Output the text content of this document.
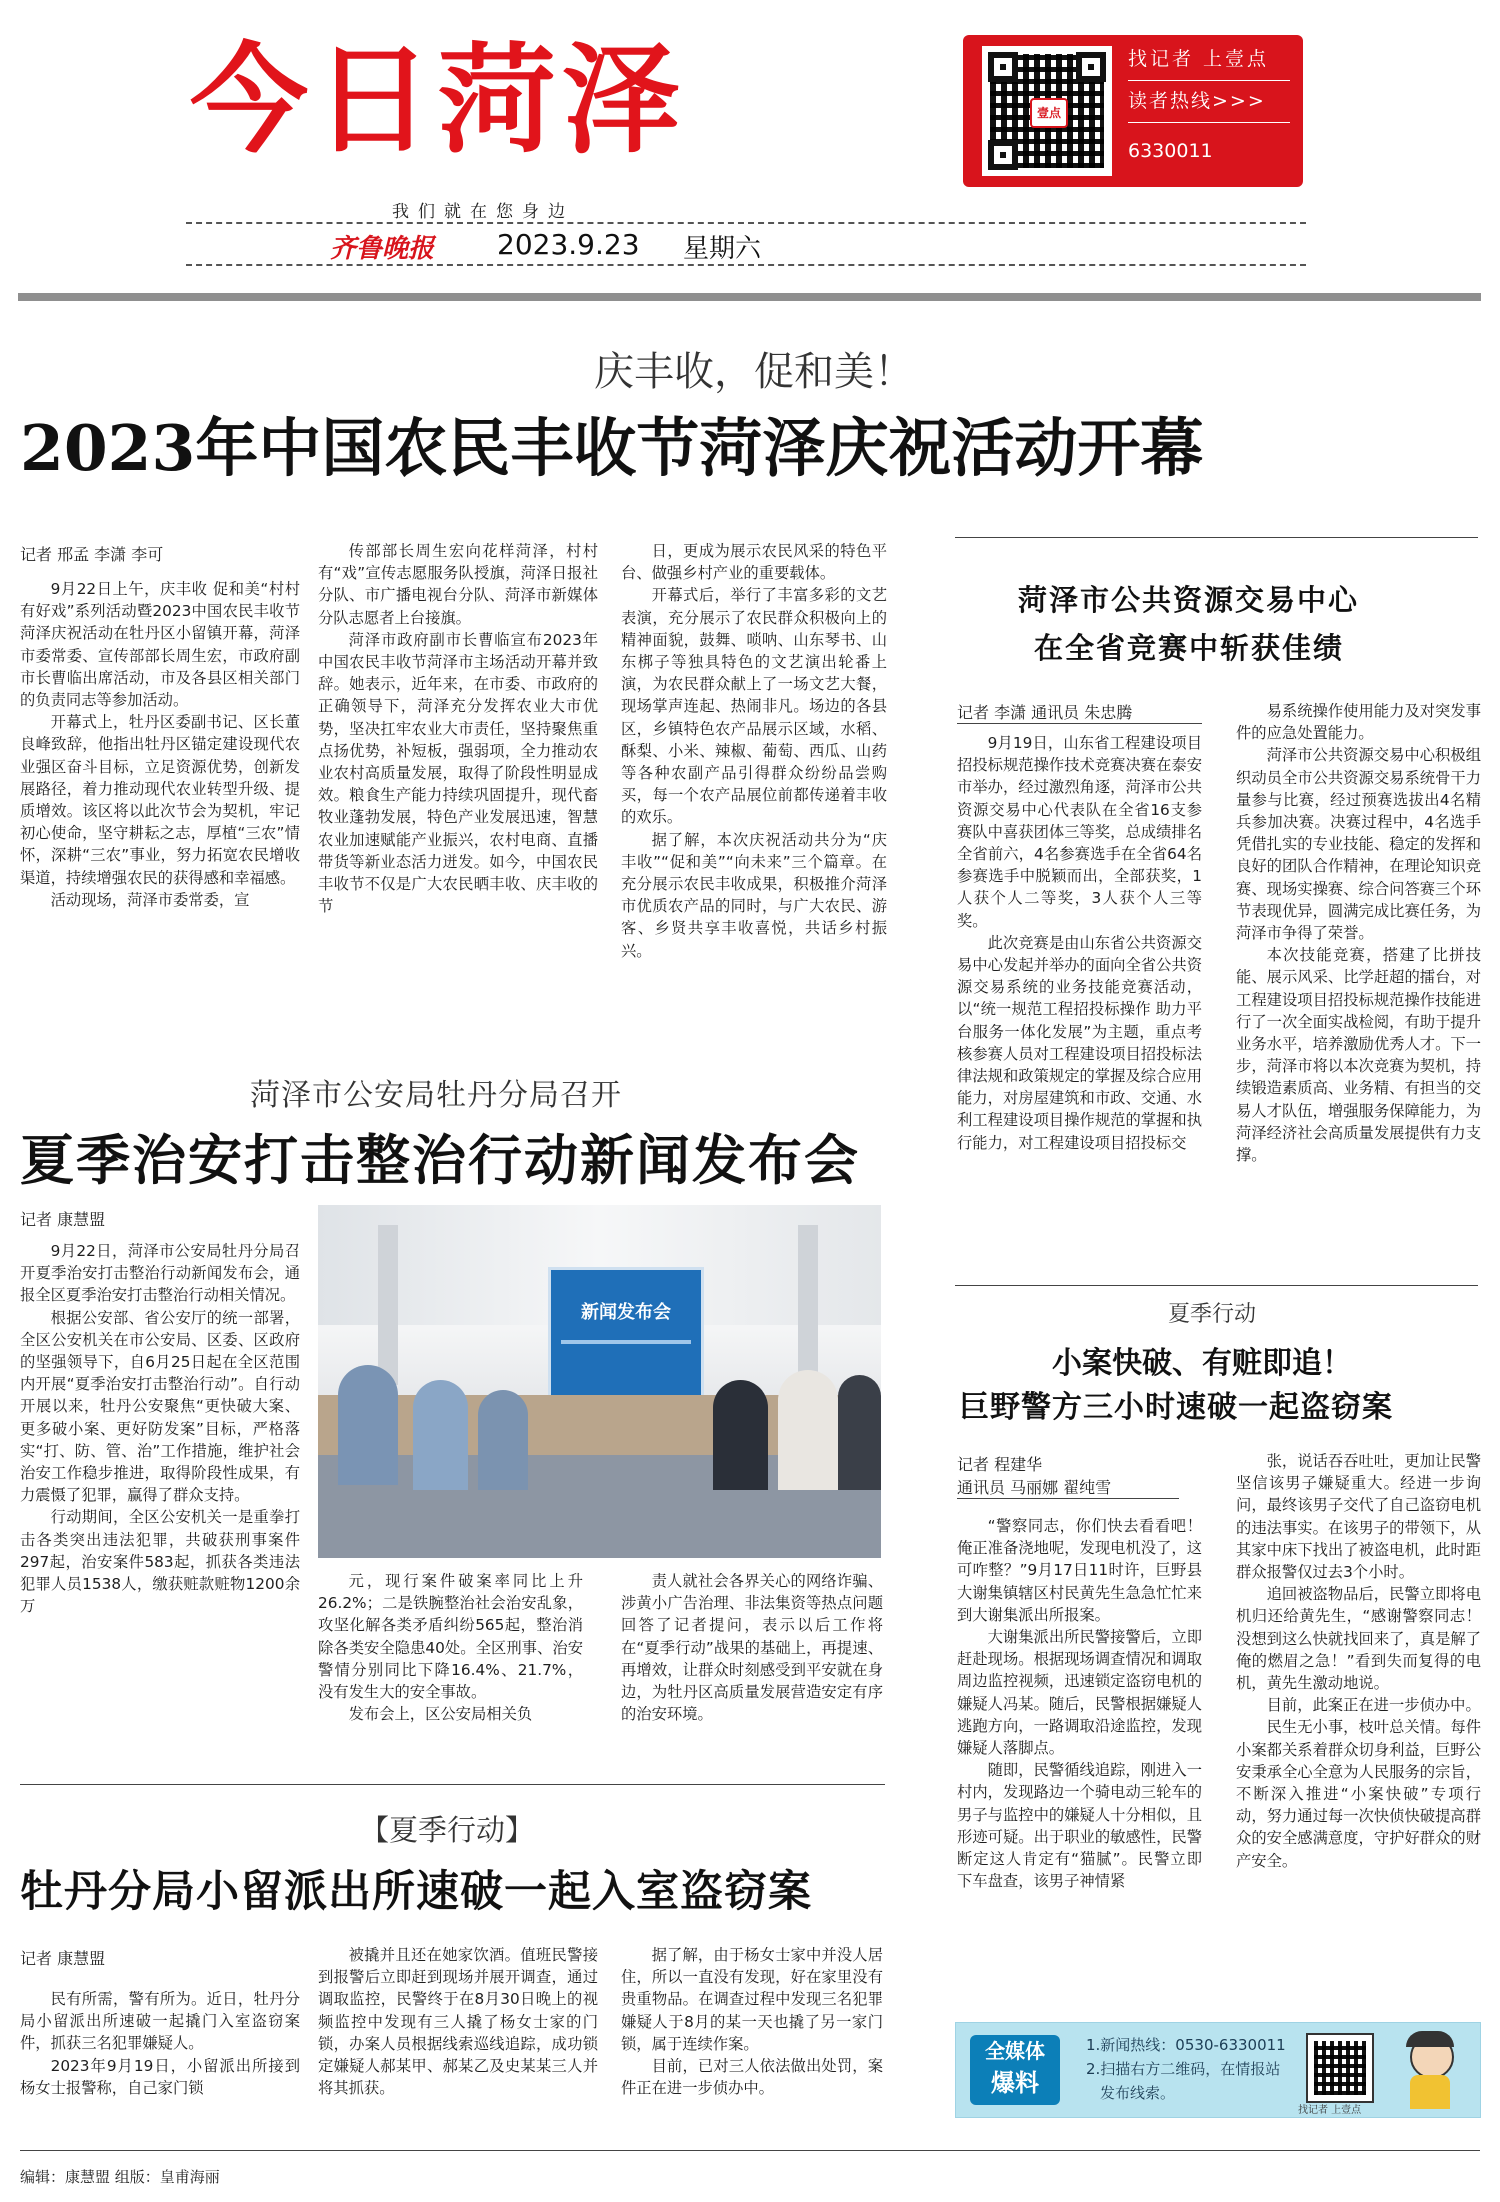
今日菏泽	壹点
找记者 上壹点
读者热线>>>
6330011
我们就在您身边
齐鲁晚报 2023.9.23 星期六
庆丰收，促和美！
2023年中国农民丰收节菏泽庆祝活动开幕
记者 邢孟 李潇 李可

9月22日上午，庆丰收 促和美“村村有好戏”系列活动暨2023中国农民丰收节菏泽庆祝活动在牡丹区小留镇开幕，菏泽市委常委、宣传部部长周生宏，市政府副市长曹临出席活动，市及各县区相关部门的负责同志等参加活动。

开幕式上，牡丹区委副书记、区长董良峰致辞，他指出牡丹区锚定建设现代农业强区奋斗目标，立足资源优势，创新发展路径，着力推动现代农业转型升级、提质增效。该区将以此次节会为契机，牢记初心使命，坚守耕耘之志，厚植“三农”情怀，深耕“三农”事业，努力拓宽农民增收渠道，持续增强农民的获得感和幸福感。

活动现场，菏泽市委常委，宣

传部部长周生宏向花样菏泽，村村有“戏”宣传志愿服务队授旗，菏泽日报社分队、市广播电视台分队、菏泽市新媒体分队志愿者上台接旗。

菏泽市政府副市长曹临宣布2023年中国农民丰收节菏泽市主场活动开幕并致辞。她表示，近年来，在市委、市政府的正确领导下，菏泽充分发挥农业大市优势，坚决扛牢农业大市责任，坚持聚焦重点扬优势，补短板，强弱项，全力推动农业农村高质量发展，取得了阶段性明显成效。粮食生产能力持续巩固提升，现代畜牧业蓬勃发展，特色产业发展迅速，智慧农业加速赋能产业振兴，农村电商、直播带货等新业态活力迸发。如今，中国农民丰收节不仅是广大农民晒丰收、庆丰收的节

日，更成为展示农民风采的特色平台、做强乡村产业的重要载体。

开幕式后，举行了丰富多彩的文艺表演，充分展示了农民群众积极向上的精神面貌，鼓舞、唢呐、山东琴书、山东梆子等独具特色的文艺演出轮番上演，为农民群众献上了一场文艺大餐，现场掌声连起、热闹非凡。场边的各县区，乡镇特色农产品展示区域，水稻、酥梨、小米、辣椒、葡萄、西瓜、山药等各种农副产品引得群众纷纷品尝购买，每一个农产品展位前都传递着丰收的欢乐。

据了解，本次庆祝活动共分为“庆丰收”“促和美”“向未来”三个篇章。在充分展示农民丰收成果，积极推介菏泽市优质农产品的同时，与广大农民、游客、乡贤共享丰收喜悦，共话乡村振兴。

菏泽市公共资源交易中心
在全省竞赛中斩获佳绩
记者 李潇 通讯员 朱忠腾

9月19日，山东省工程建设项目招投标规范操作技术竞赛决赛在泰安市举办，经过激烈角逐，菏泽市公共资源交易中心代表队在全省16支参赛队中喜获团体三等奖，总成绩排名全省前六，4名参赛选手在全省64名参赛选手中脱颖而出，全部获奖，1人获个人二等奖，3人获个人三等奖。

此次竞赛是由山东省公共资源交易中心发起并举办的面向全省公共资源交易系统的业务技能竞赛活动，以“统一规范工程招投标操作 助力平台服务一体化发展”为主题，重点考核参赛人员对工程建设项目招投标法律法规和政策规定的掌握及综合应用能力，对房屋建筑和市政、交通、水利工程建设项目操作规范的掌握和执行能力，对工程建设项目招投标交

易系统操作使用能力及对突发事件的应急处置能力。

菏泽市公共资源交易中心积极组织动员全市公共资源交易系统骨干力量参与比赛，经过预赛选拔出4名精兵参加决赛。决赛过程中，4名选手凭借扎实的专业技能、稳定的发挥和良好的团队合作精神，在理论知识竞赛、现场实操赛、综合问答赛三个环节表现优异，圆满完成比赛任务，为菏泽市争得了荣誉。

本次技能竞赛，搭建了比拼技能、展示风采、比学赶超的擂台，对工程建设项目招投标规范操作技能进行了一次全面实战检阅，有助于提升业务水平，培养激励优秀人才。下一步，菏泽市将以本次竞赛为契机，持续锻造素质高、业务精、有担当的交易人才队伍，增强服务保障能力，为菏泽经济社会高质量发展提供有力支撑。

菏泽市公安局牡丹分局召开
夏季治安打击整治行动新闻发布会
记者 康慧盟

9月22日，菏泽市公安局牡丹分局召开夏季治安打击整治行动新闻发布会，通报全区夏季治安打击整治行动相关情况。

根据公安部、省公安厅的统一部署，全区公安机关在市公安局、区委、区政府的坚强领导下，自6月25日起在全区范围内开展“夏季治安打击整治行动”。自行动开展以来，牡丹公安聚焦“更快破大案、更多破小案、更好防发案”目标，严格落实“打、防、管、治”工作措施，维护社会治安工作稳步推进，取得阶段性成果，有力震慑了犯罪，赢得了群众支持。

行动期间，全区公安机关一是重拳打击各类突出违法犯罪，共破获刑事案件297起，治安案件583起，抓获各类违法犯罪人员1538人，缴获赃款赃物1200余万

新闻发布会

元，现行案件破案率同比上升26.2%；二是铁腕整治社会治安乱象，攻坚化解各类矛盾纠纷565起，整治消除各类安全隐患40处。全区刑事、治安警情分别同比下降16.4%、21.7%，没有发生大的安全事故。

发布会上，区公安局相关负

责人就社会各界关心的网络诈骗、涉黄小广告治理、非法集资等热点问题回答了记者提问，表示以后工作将在“夏季行动”战果的基础上，再提速、再增效，让群众时刻感受到平安就在身边，为牡丹区高质量发展营造安定有序的治安环境。

夏季行动
小案快破、有赃即追！
巨野警方三小时速破一起盗窃案
记者 程建华
通讯员 马丽娜 翟纯雪

“警察同志，你们快去看看吧！俺正准备浇地呢，发现电机没了，这可咋整？”9月17日11时许，巨野县大谢集镇辖区村民黄先生急急忙忙来到大谢集派出所报案。

大谢集派出所民警接警后，立即赶赴现场。根据现场调查情况和调取周边监控视频，迅速锁定盗窃电机的嫌疑人冯某。随后，民警根据嫌疑人逃跑方向，一路调取沿途监控，发现嫌疑人落脚点。

随即，民警循线追踪，刚进入一村内，发现路边一个骑电动三轮车的男子与监控中的嫌疑人十分相似，且形迹可疑。出于职业的敏感性，民警断定这人肯定有“猫腻”。民警立即下车盘查，该男子神情紧

张，说话吞吞吐吐，更加让民警坚信该男子嫌疑重大。经进一步询问，最终该男子交代了自己盗窃电机的违法事实。在该男子的带领下，从其家中床下找出了被盗电机，此时距群众报警仅过去3个小时。

追回被盗物品后，民警立即将电机归还给黄先生，“感谢警察同志！没想到这么快就找回来了，真是解了俺的燃眉之急！”看到失而复得的电机，黄先生激动地说。

目前，此案正在进一步侦办中。

民生无小事，枝叶总关情。每件小案都关系着群众切身利益，巨野公安秉承全心全意为人民服务的宗旨，不断深入推进“小案快破”专项行动，努力通过每一次快侦快破提高群众的安全感满意度，守护好群众的财产安全。

【夏季行动】
牡丹分局小留派出所速破一起入室盗窃案
记者 康慧盟

民有所需，警有所为。近日，牡丹分局小留派出所速破一起撬门入室盗窃案件，抓获三名犯罪嫌疑人。

2023年9月19日，小留派出所接到杨女士报警称，自己家门锁

被撬并且还在她家饮酒。值班民警接到报警后立即赶到现场并展开调查，通过调取监控，民警终于在8月30日晚上的视频监控中发现有三人撬了杨女士家的门锁，办案人员根据线索巡线追踪，成功锁定嫌疑人郝某甲、郝某乙及史某某三人并将其抓获。

据了解，由于杨女士家中并没人居住，所以一直没有发现，好在家里没有贵重物品。在调查过程中发现三名犯罪嫌疑人于8月的某一天也撬了另一家门锁，属于连续作案。

目前，已对三人依法做出处罚，案件正在进一步侦办中。

全媒体
爆料
1.新闻热线：0530-6330011
2.扫描右方二维码，在情报站
发布线索。
找记者 上壹点
编辑：康慧盟 组版：皇甫海丽
